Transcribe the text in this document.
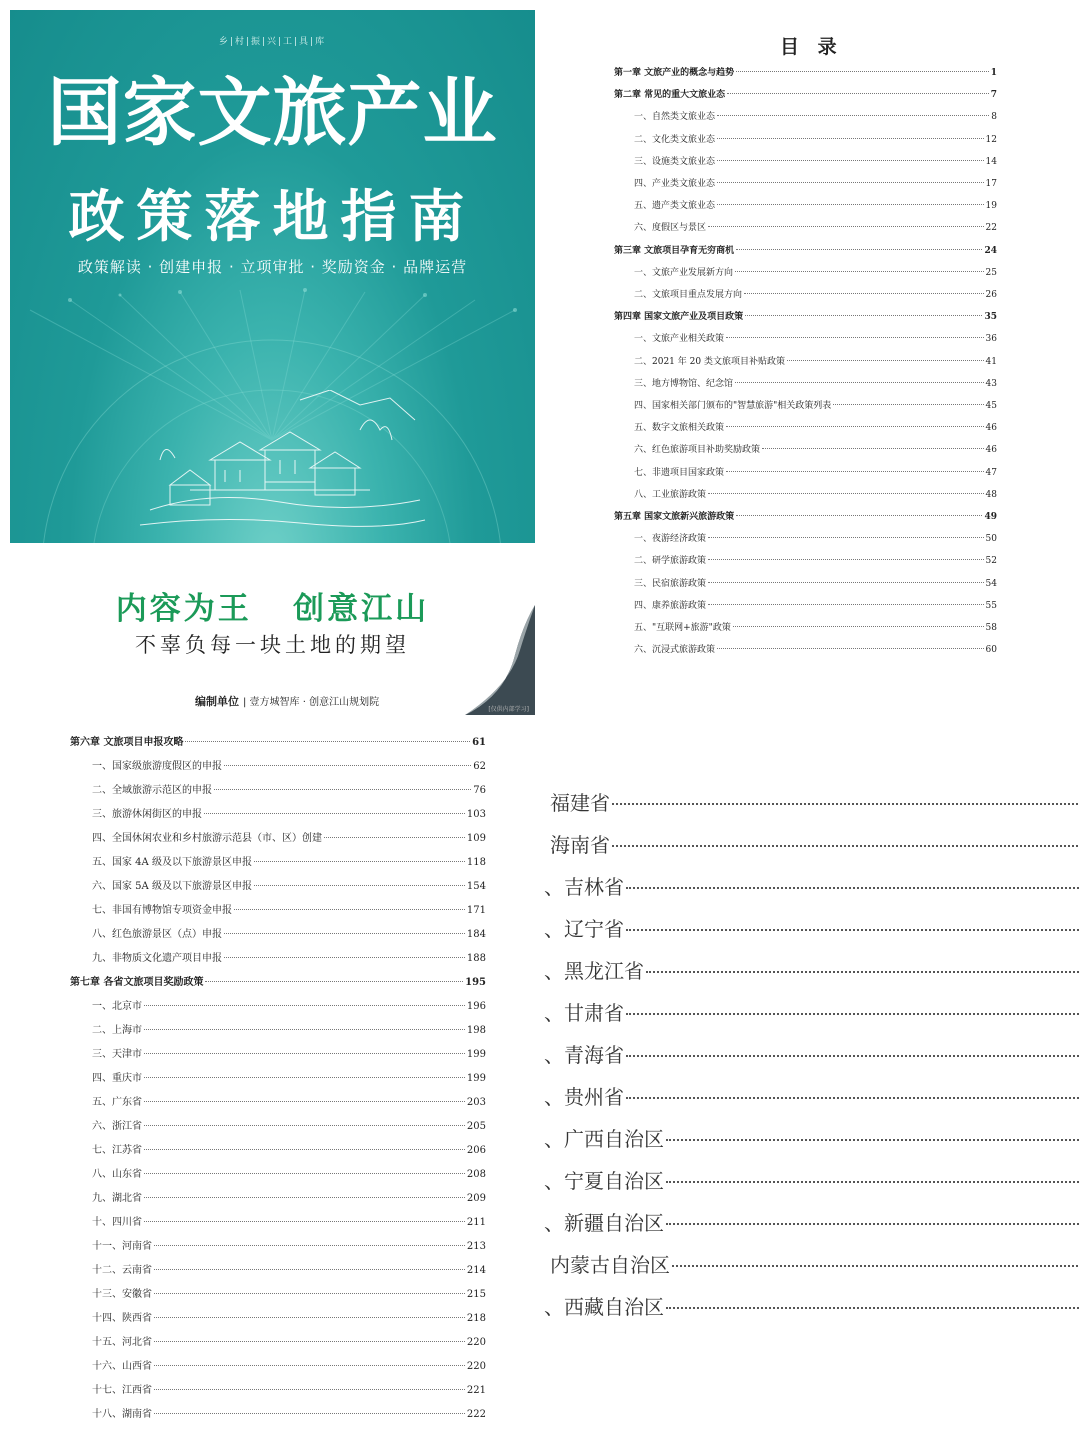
乡|村|振|兴|工|具|库
国家文旅产业
政策落地指南
政策解读 · 创建申报 · 立项审批 · 奖励资金 · 品牌运营
内容为王   创意江山
不辜负每一块土地的期望
编制单位 | 壹方城智库 · 创意江山规划院
[仅供内部学习]
目 录
第一章 文旅产业的概念与趋势	1
第二章 常见的重大文旅业态	7
一、自然类文旅业态	8
二、文化类文旅业态	12
三、设施类文旅业态	14
四、产业类文旅业态	17
五、遗产类文旅业态	19
六、度假区与景区	22
第三章 文旅项目孕育无穷商机	24
一、文旅产业发展新方向	25
二、文旅项目重点发展方向	26
第四章 国家文旅产业及项目政策	35
一、文旅产业相关政策	36
二、2021 年 20 类文旅项目补贴政策	41
三、地方博物馆、纪念馆	43
四、国家相关部门颁布的"智慧旅游"相关政策列表	45
五、数字文旅相关政策	46
六、红色旅游项目补助奖励政策	46
七、非遗项目国家政策	47
八、工业旅游政策	48
第五章 国家文旅新兴旅游政策	49
一、夜游经济政策	50
二、研学旅游政策	52
三、民宿旅游政策	54
四、康养旅游政策	55
五、"互联网+旅游"政策	58
六、沉浸式旅游政策	60
第六章 文旅项目申报攻略	61
一、国家级旅游度假区的申报	62
二、全域旅游示范区的申报	76
三、旅游休闲街区的申报	103
四、全国休闲农业和乡村旅游示范县（市、区）创建	109
五、国家 4A 级及以下旅游景区申报	118
六、国家 5A 级及以下旅游景区申报	154
七、非国有博物馆专项资金申报	171
八、红色旅游景区（点）申报	184
九、非物质文化遗产项目申报	188
第七章 各省文旅项目奖励政策	195
一、北京市	196
二、上海市	198
三、天津市	199
四、重庆市	199
五、广东省	203
六、浙江省	205
七、江苏省	206
八、山东省	208
九、湖北省	209
十、四川省	211
十一、河南省	213
十二、云南省	214
十三、安徽省	215
十四、陕西省	218
十五、河北省	220
十六、山西省	220
十七、江西省	221
十八、湖南省	222
福建省
海南省
、吉林省
、辽宁省
、黑龙江省
、甘肃省
、青海省
、贵州省
、广西自治区
、宁夏自治区
、新疆自治区
内蒙古自治区
、西藏自治区
